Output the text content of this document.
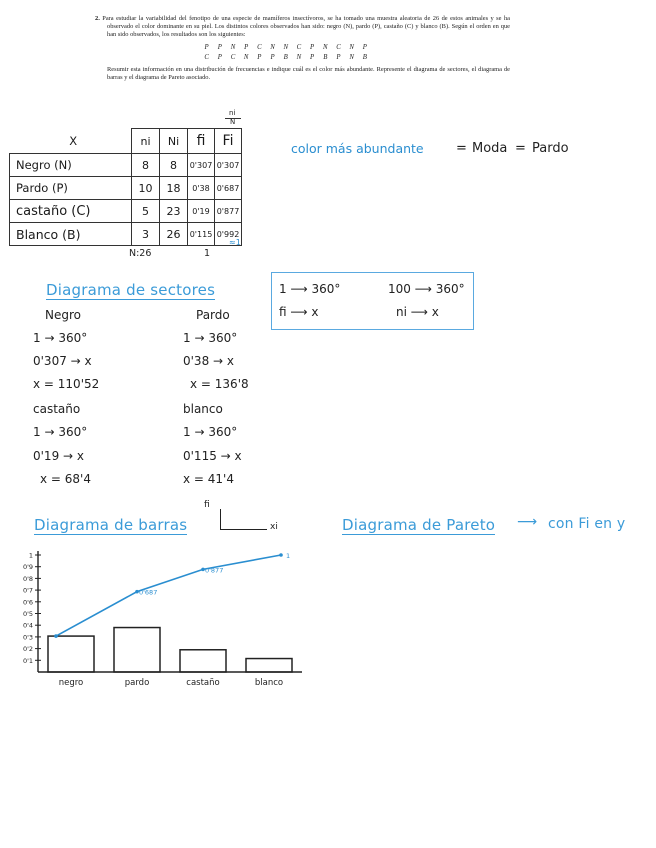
2. Para estudiar la variabilidad del fenotipo de una especie de mamíferos insectívoros, se ha tomado una muestra aleatoria de 26 de estos animales y se ha observado el color dominante en su piel. Los distintos colores observados han sido: negro (N), pardo (P), castaño (C) y blanco (B). Según el orden en que han sido observados, los resultados son los siguientes:

P P N P C N N C P N C N P
C P C N P P B N P B P N B

Resumir esta información en una distribución de frecuencias e indique cuál es el color más abundante. Represente el diagrama de sectores, el diagrama de barras y el diagrama de Pareto asociado.

ni
N
X	ni	Ni	fi	Fi
Negro (N)	8	8	0'307	0'307
Pardo (P)	10	18	0'38	0'687
castaño (C)	5	23	0'19	0'877
Blanco (B)	3	26	0'115	0'992
N:26	1
≈1
color más abundante = Moda = Pardo
Diagrama de sectores	1 ⟶ 360°
fi ⟶ x
100 ⟶ 360°
ni ⟶ x
Negro
1 → 360°
0'307 → x
x = 110'52
Pardo
1 → 360°
0'38 → x
x = 136'8
castaño
1 → 360°
0'19 → x
x = 68'4
blanco
1 → 360°
0'115 → x
x = 41'4
Diagrama de barras
fi
xi	Diagrama de Pareto ⟶ con Fi en y
0'1
0'2
0'3
0'4
0'5
0'6
0'7
0'8
0'9
1
negro	pardo	castaño	blanco
0'687
0'877
1
